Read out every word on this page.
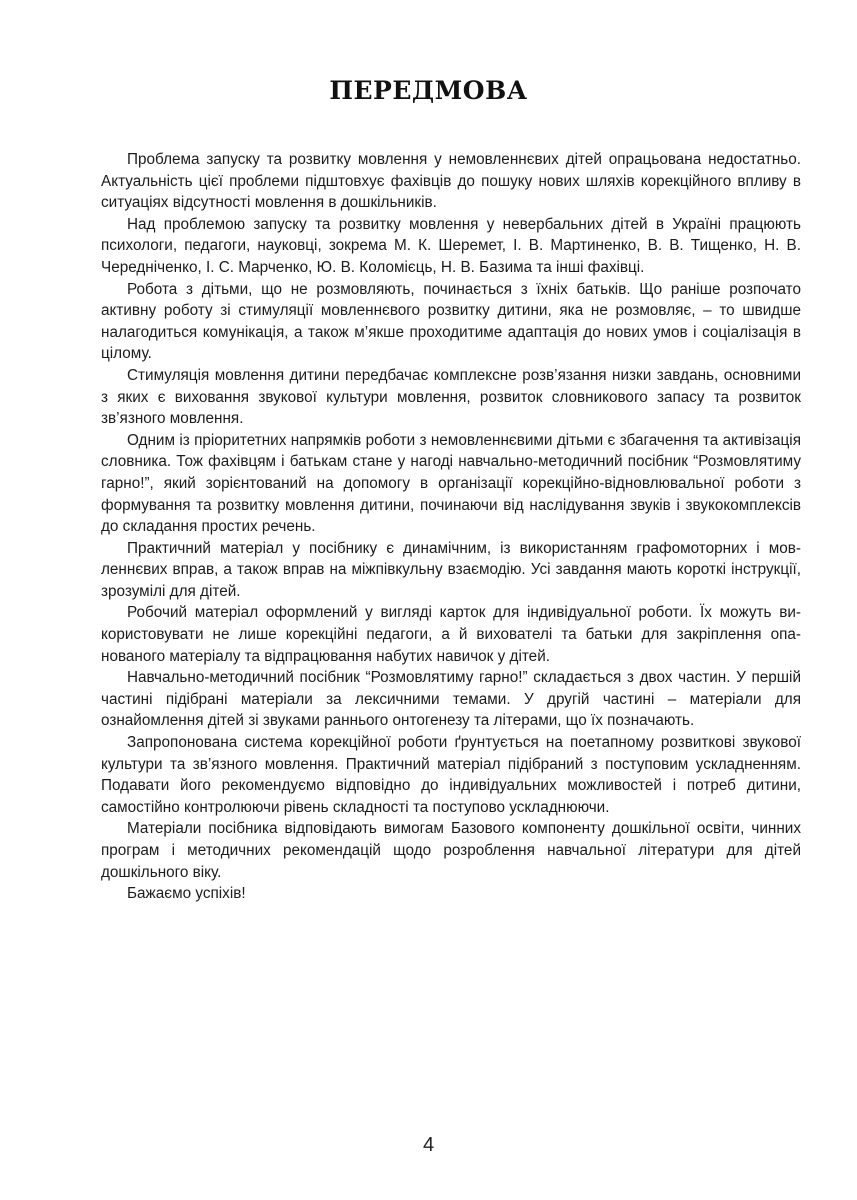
ПЕРЕДМОВА

Проблема запуску та розвитку мовлення у немовленнєвих дітей опрацьована недостатньо. Актуальність цієї проблеми підштовхує фахівців до пошуку нових шляхів корекційного впливу в ситуаціях відсутності мовлення в дошкільників.

Над проблемою запуску та розвитку мовлення у невербальних дітей в Україні працюють психологи, педагоги, науковці, зокрема М. К. Шеремет, І. В. Мартиненко, В. В. Тищенко, Н. В. Чередніченко, І. С. Марченко, Ю. В. Коломієць, Н. В. Базима та інші фахівці.

Робота з дітьми, що не розмовляють, починається з їхніх батьків. Що раніше розпочато активну роботу зі стимуляції мовленнєвого розвитку дитини, яка не розмовляє, – то швидше налагодиться комунікація, а також м’якше проходитиме адаптація до нових умов і соціалізація в цілому.

Стимуляція мовлення дитини передбачає комплексне розв’язання низки завдань, основними з яких є виховання звукової культури мовлення, розвиток словникового запасу та розвиток зв’язного мовлення.

Одним із пріоритетних напрямків роботи з немовленнєвими дітьми є збагачення та активізація словника. Тож фахівцям і батькам стане у нагоді навчально-методичний посібник “Розмовлятиму гарно!”, який зорієнтований на допомогу в організації корекційно-відновлювальної роботи з формування та розвитку мовлення дитини, починаючи від наслідування звуків і звукокомплексів до складання простих речень.

Практичний матеріал у посібнику є динамічним, із використанням графомоторних і мовленнєвих вправ, а також вправ на міжпівкульну взаємодію. Усі завдання мають короткі інструкції, зрозумілі для дітей.

Робочий матеріал оформлений у вигляді карток для індивідуальної роботи. Їх можуть використовувати не лише корекційні педагоги, а й вихователі та батьки для закріплення опанованого матеріалу та відпрацювання набутих навичок у дітей.

Навчально-методичний посібник “Розмовлятиму гарно!” складається з двох частин. У першій частині підібрані матеріали за лексичними темами. У другій частині – матеріали для ознайомлення дітей зі звуками раннього онтогенезу та літерами, що їх позначають.

Запропонована система корекційної роботи ґрунтується на поетапному розвиткові звукової культури та зв’язного мовлення. Практичний матеріал підібраний з поступовим ускладненням. Подавати його рекомендуємо відповідно до індивідуальних можливостей і потреб дитини, самостійно контролюючи рівень складності та поступово ускладнюючи.

Матеріали посібника відповідають вимогам Базового компоненту дошкільної освіти, чинних програм і методичних рекомендацій щодо розроблення навчальної літератури для дітей дошкільного віку.

Бажаємо успіхів!

4
